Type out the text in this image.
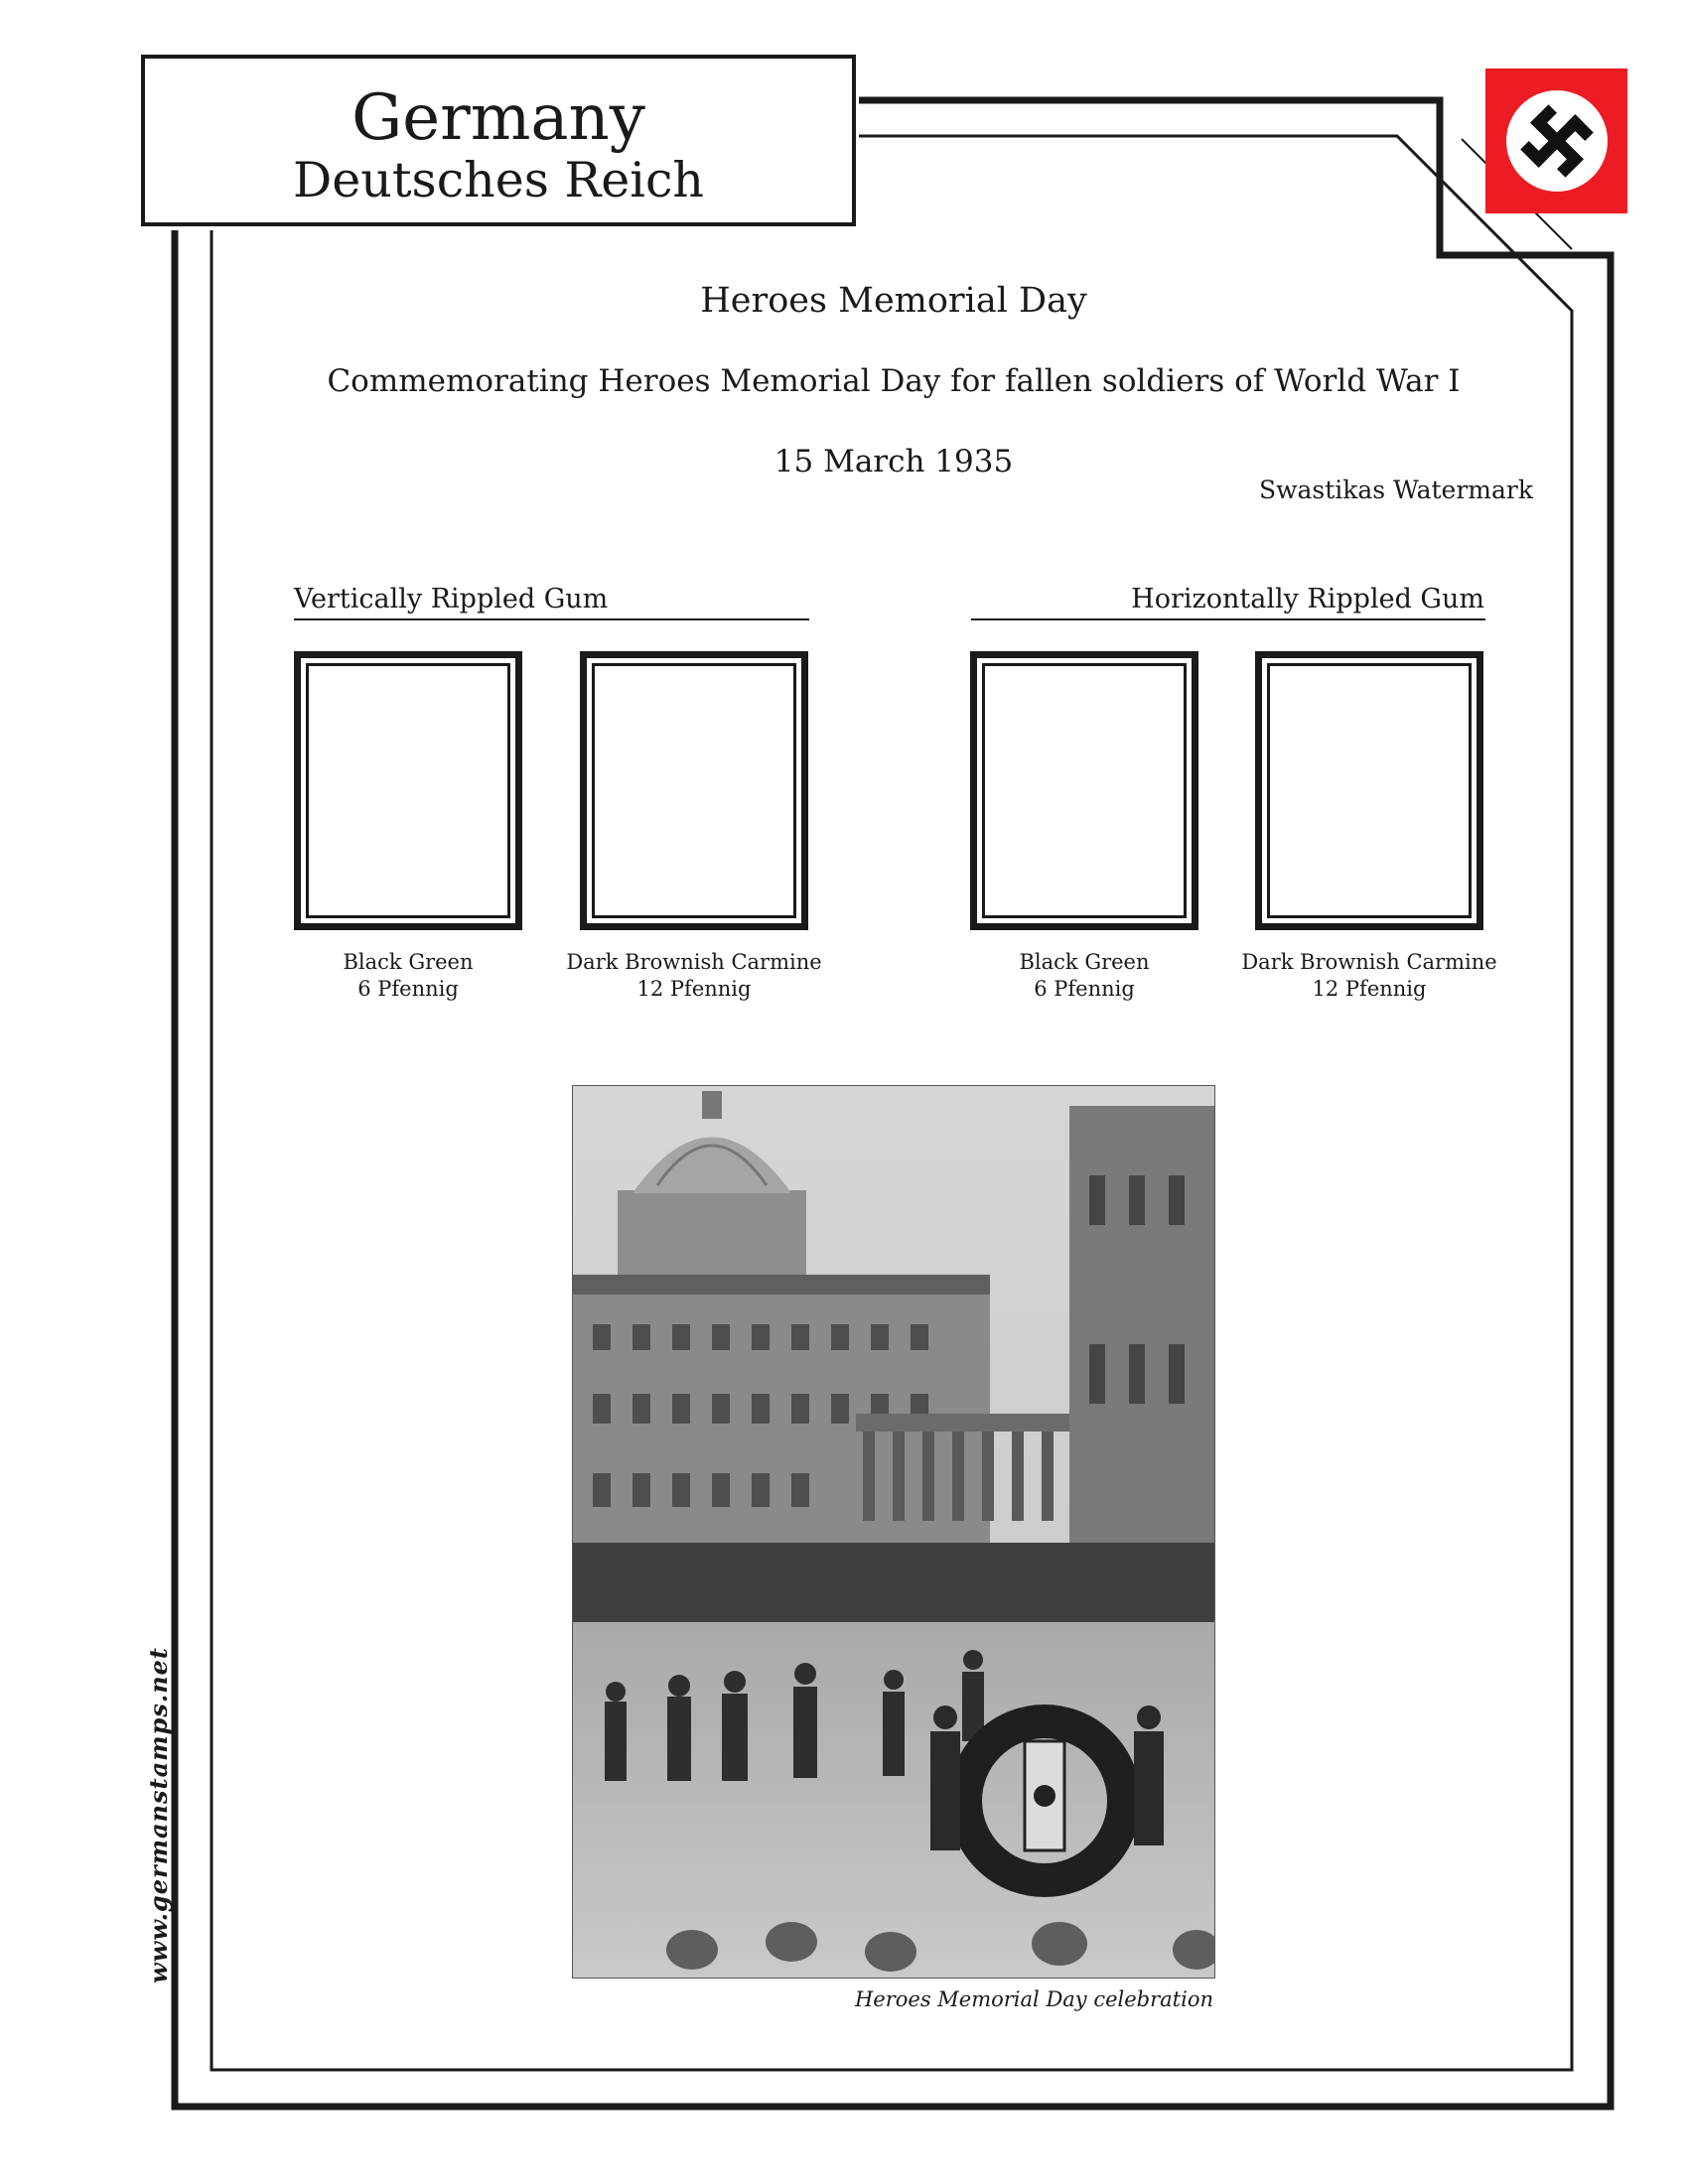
Germany
Deutsches Reich
Heroes Memorial Day
Commemorating Heroes Memorial Day for fallen soldiers of World War I
15 March 1935
Swastikas Watermark
Vertically Rippled Gum	Horizontally Rippled Gum
Black Green
6 Pfennig
Dark Brownish Carmine
12 Pfennig
Black Green
6 Pfennig
Dark Brownish Carmine
12 Pfennig
Heroes Memorial Day celebration
www.germanstamps.net
